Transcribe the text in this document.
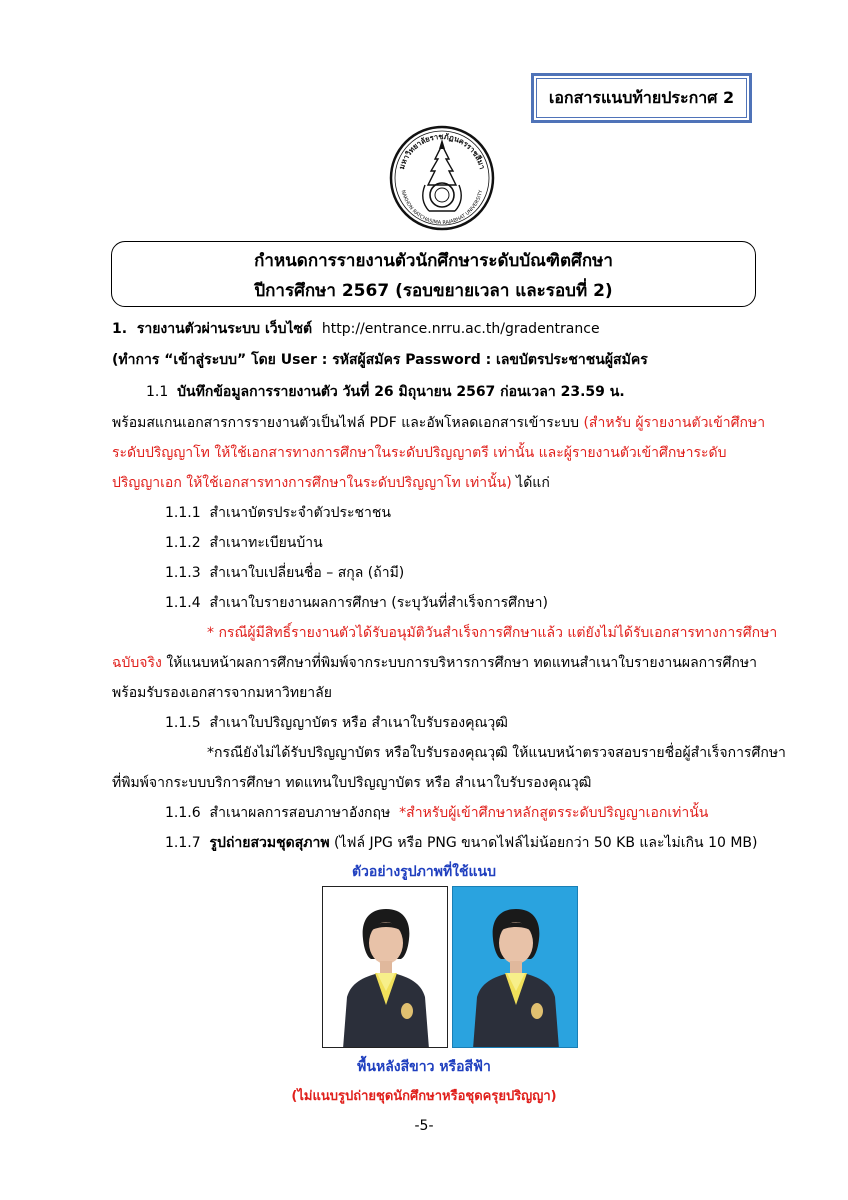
เอกสารแนบท้ายประกาศ 2
มหาวิทยาลัยราชภัฏนครราชสีมา
NAKHON RATCHASIMA RAJABHAT UNIVERSITY
กำหนดการรายงานตัวนักศึกษาระดับบัณฑิตศึกษา
ปีการศึกษา 2567 (รอบขยายเวลา และรอบที่ 2)
1. รายงานตัวผ่านระบบ เว็บไซต์ http://entrance.nrru.ac.th/gradentrance
(ทำการ “เข้าสู่ระบบ” โดย User : รหัสผู้สมัคร Password : เลขบัตรประชาชนผู้สมัคร
1.1 บันทึกข้อมูลการรายงานตัว วันที่ 26 มิถุนายน 2567 ก่อนเวลา 23.59 น.
พร้อมสแกนเอกสารการรายงานตัวเป็นไฟล์ PDF และอัพโหลดเอกสารเข้าระบบ (สำหรับ ผู้รายงานตัวเข้าศึกษา
ระดับปริญญาโท ให้ใช้เอกสารทางการศึกษาในระดับปริญญาตรี เท่านั้น และผู้รายงานตัวเข้าศึกษาระดับ
ปริญญาเอก ให้ใช้เอกสารทางการศึกษาในระดับปริญญาโท เท่านั้น) ได้แก่
1.1.1 สำเนาบัตรประจำตัวประชาชน
1.1.2 สำเนาทะเบียนบ้าน
1.1.3 สำเนาใบเปลี่ยนชื่อ – สกุล (ถ้ามี)
1.1.4 สำเนาใบรายงานผลการศึกษา (ระบุวันที่สำเร็จการศึกษา)
* กรณีผู้มีสิทธิ์รายงานตัวได้รับอนุมัติวันสำเร็จการศึกษาแล้ว แต่ยังไม่ได้รับเอกสารทางการศึกษา
ฉบับจริง ให้แนบหน้าผลการศึกษาที่พิมพ์จากระบบการบริหารการศึกษา ทดแทนสำเนาใบรายงานผลการศึกษา
พร้อมรับรองเอกสารจากมหาวิทยาลัย
1.1.5 สำเนาใบปริญญาบัตร หรือ สำเนาใบรับรองคุณวุฒิ
*กรณียังไม่ได้รับปริญญาบัตร หรือใบรับรองคุณวุฒิ ให้แนบหน้าตรวจสอบรายชื่อผู้สำเร็จการศึกษา
ที่พิมพ์จากระบบบริการศึกษา ทดแทนใบปริญญาบัตร หรือ สำเนาใบรับรองคุณวุฒิ
1.1.6 สำเนาผลการสอบภาษาอังกฤษ *สำหรับผู้เข้าศึกษาหลักสูตรระดับปริญญาเอกเท่านั้น
1.1.7 รูปถ่ายสวมชุดสุภาพ (ไฟล์ JPG หรือ PNG ขนาดไฟล์ไม่น้อยกว่า 50 KB และไม่เกิน 10 MB)
ตัวอย่างรูปภาพที่ใช้แนบ
พื้นหลังสีขาว หรือสีฟ้า
(ไม่แนบรูปถ่ายชุดนักศึกษาหรือชุดครุยปริญญา)
-5-
